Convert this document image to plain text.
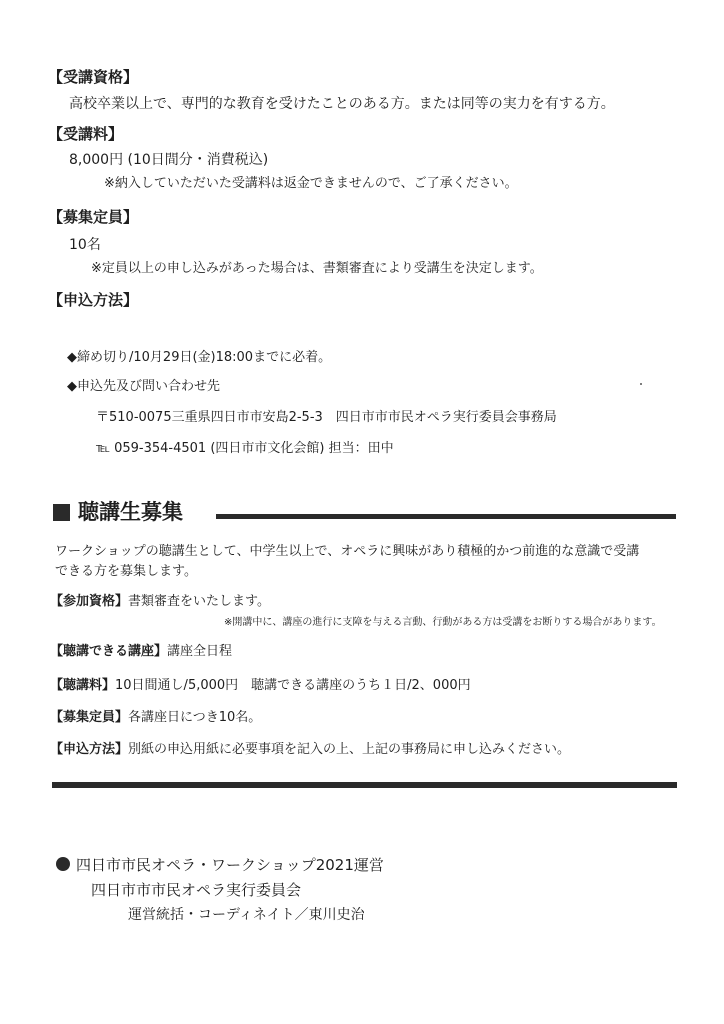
【受講資格】
高校卒業以上で、専門的な教育を受けたことのある方。または同等の実力を有する方。
【受講料】
8,000円 (10日間分・消費税込)
※納入していただいた受講料は返金できませんので、ご了承ください。
【募集定員】
10名
※定員以上の申し込みがあった場合は、書類審査により受講生を決定します。
【申込方法】
◆締め切り/10月29日(金)18:00までに必着。
◆申込先及び問い合わせ先
〒510-0075三重県四日市市安島2-5-3　四日市市市民オペラ実行委員会事務局
℡ 059-354-4501 (四日市市文化会館) 担当：田中
聴講生募集
ワークショップの聴講生として、中学生以上で、オペラに興味があり積極的かつ前進的な意識で受講
できる方を募集します。
【参加資格】書類審査をいたします。
※開講中に、講座の進行に支障を与える言動、行動がある方は受講をお断りする場合があります。
【聴講できる講座】講座全日程
【聴講料】10日間通し/5,000円　聴講できる講座のうち１日/2、000円
【募集定員】各講座日につき10名。
【申込方法】別紙の申込用紙に必要事項を記入の上、上記の事務局に申し込みください。
四日市市民オペラ・ワークショップ2021運営
四日市市市民オペラ実行委員会
運営統括・コーディネイト／東川史治
